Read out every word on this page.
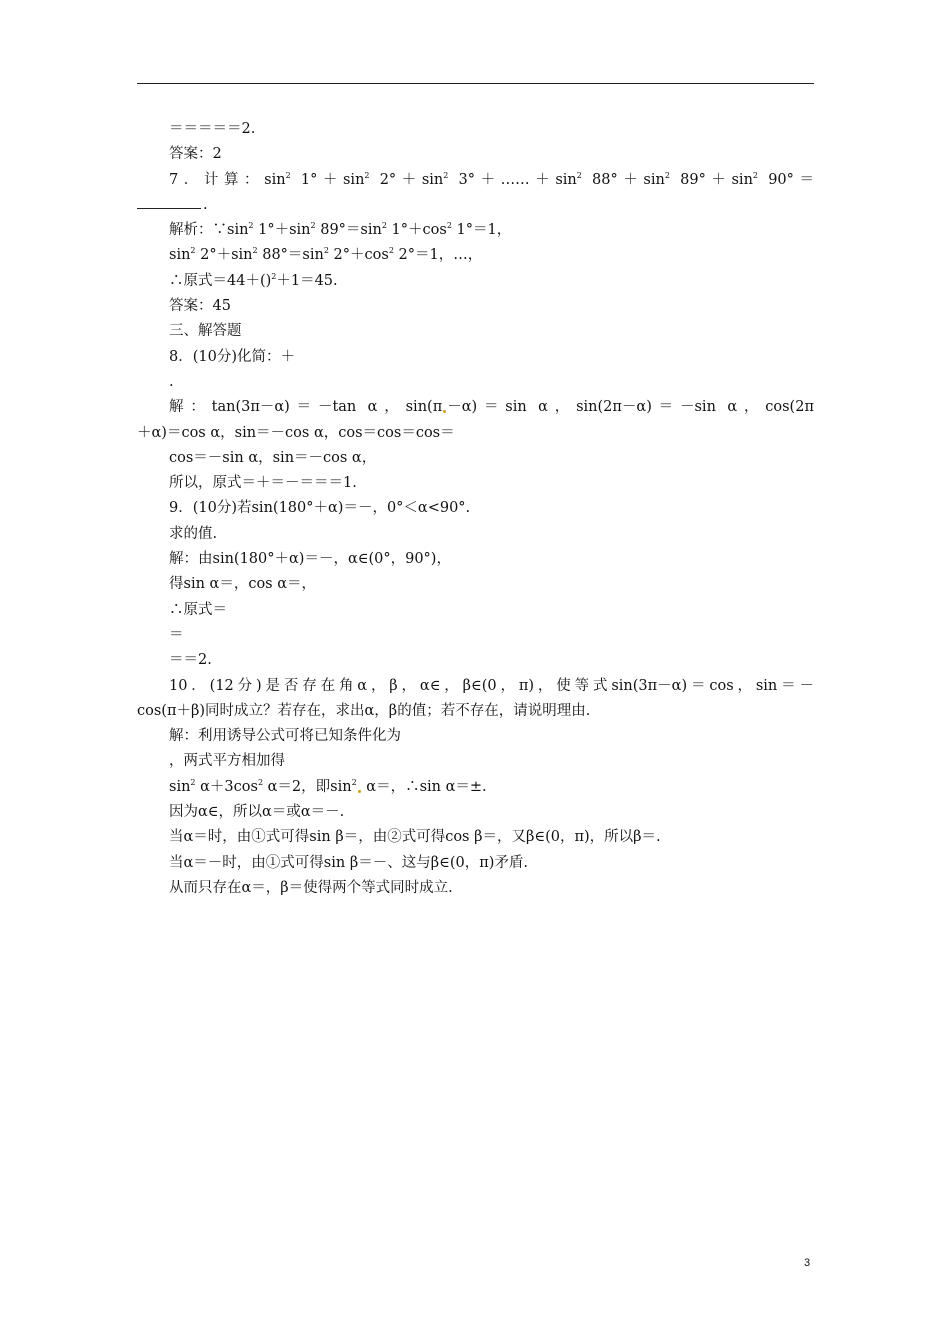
＝＝＝＝＝2.
答案：2
7．计算：$\sin^2 1^\circ+\sin^2$ $2^\circ+\sin^2$ $3^\circ+\dots\dots+\sin^2$ $88^\circ+\sin^2$ $89^\circ+\sin^2$ 90°＝
.
解析：$\because\sin^2$ $1^\circ+\sin^2$ $89^\circ=\sin^2$ $1^\circ+\cos^2$ 1°＝1，
$\sin^2 2^\circ+\sin^2$ $88^\circ=\sin^2$ $2^\circ+\cos^2$ 2°＝1，…，
∴原式＝44＋()$^2$＋1＝45.
答案：45
三、解答题
8．(10分)化简：＋
.
解：tan(3π－α)＝－tan α，sin(π －α)＝sin α，sin(2π－α)＝－sin α，cos(2π
＋α)＝cos α，sin＝－cos α，cos＝cos＝cos＝
cos＝－sin α，sin＝－cos α，
所以，原式＝＋＝－＝＝＝1.
9．(10分)若sin(180°＋α)＝－，0°＜α<90°.
求的值.
解：由sin(180°＋α)＝－，α∈(0°，90°)，
得sin α＝，cos α＝，
∴原式＝
＝
＝＝2.
10．(12分)是否存在角α，β，α∈，β∈(0，π)，使等式sin(3π－α)＝cos，sin＝－
cos(π＋β)同时成立？若存在，求出α，β的值；若不存在，请说明理由.
解：利用诱导公式可将已知条件化为
，两式平方相加得
$\sin^2 \alpha+3\cos^2$ α＝2，即$\sin^2 \alpha=$，∴sin α＝±.
因为α∈，所以α＝或α＝－.
当α＝时，由①式可得sin β＝，由②式可得cos β＝，又β∈(0，π)，所以β＝.
当α＝－时，由①式可得sin β＝－、这与β∈(0，π)矛盾.
从而只存在α＝，β＝使得两个等式同时成立.
3
